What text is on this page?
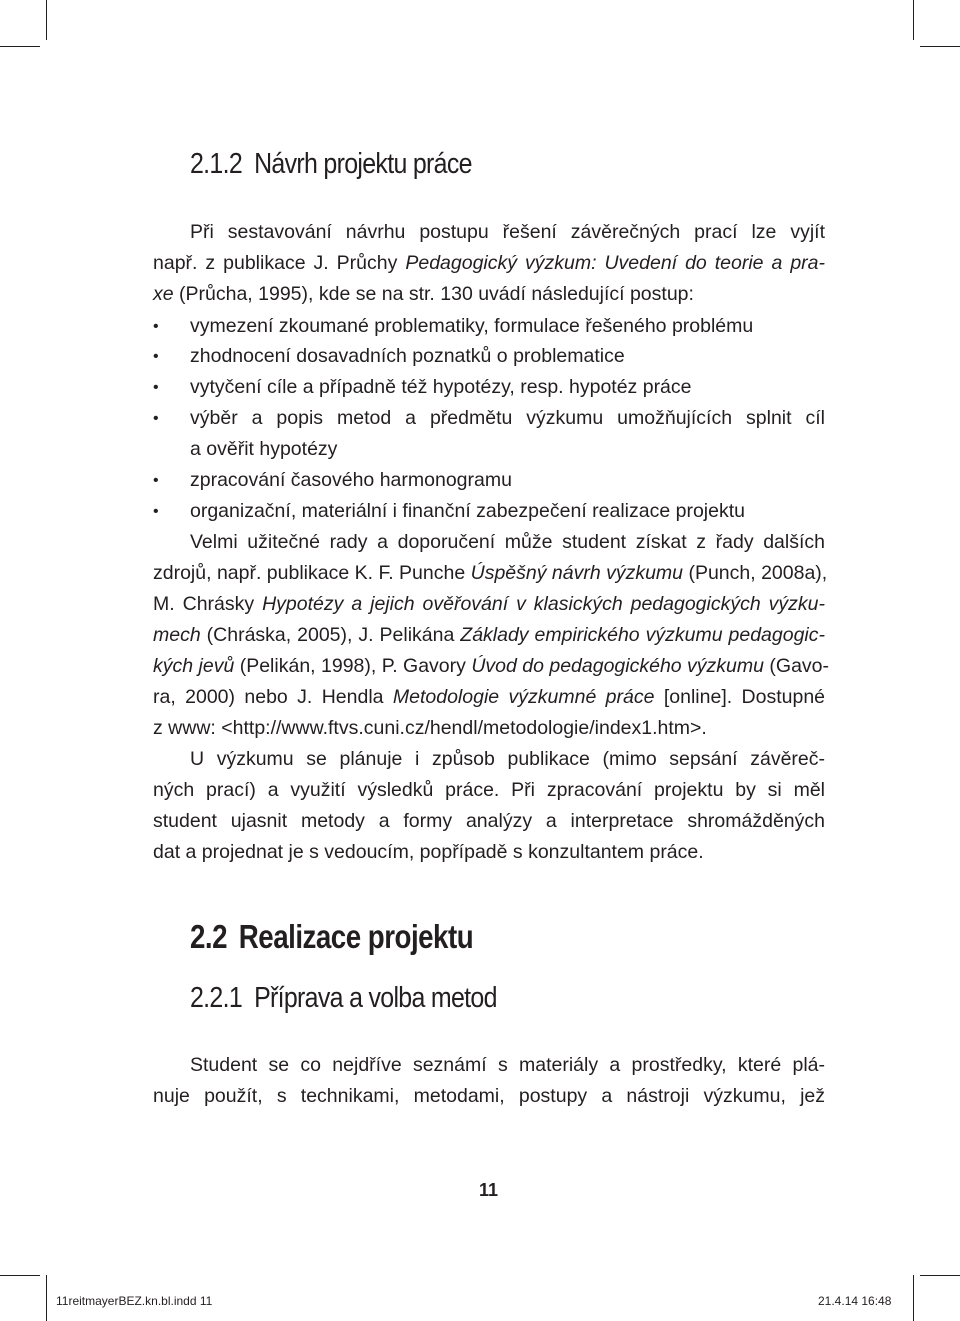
2.1.2 Návrh projektu práce

Při sestavování návrhu postupu řešení závěrečných prací lze vyjít

např. z publikace J. Průchy Pedagogický výzkum: Uvedení do teorie a pra-

xe (Průcha, 1995), kde se na str. 130 uvádí následující postup:

• vymezení zkoumané problematiky, formulace řešeného problému

• zhodnocení dosavadních poznatků o problematice

• vytyčení cíle a případně též hypotézy, resp. hypotéz práce

• výběr a popis metod a předmětu výzkumu umožňujících splnit cíl

a ověřit hypotézy

• zpracování časového harmonogramu

• organizační, materiální i finanční zabezpečení realizace projektu

Velmi užitečné rady a doporučení může student získat z řady dalších

zdrojů, např. publikace K. F. Punche Úspěšný návrh výzkumu (Punch, 2008a),

M. Chrásky Hypotézy a jejich ověřování v klasických pedagogických výzku-

mech (Chráska, 2005), J. Pelikána Základy empirického výzkumu pedagogic-

kých jevů (Pelikán, 1998), P. Gavory Úvod do pedagogického výzkumu (Gavo-

ra, 2000) nebo J. Hendla Metodologie výzkumné práce [online]. Dostupné

z www: <http://www.ftvs.cuni.cz/hendl/metodologie/index1.htm>.

U výzkumu se plánuje i způsob publikace (mimo sepsání závěreč-

ných prací) a využití výsledků práce. Při zpracování projektu by si měl

student ujasnit metody a formy analýzy a interpretace shromážděných

dat a projednat je s vedoucím, popřípadě s konzultantem práce.

2.2 Realizace projektu
2.2.1 Příprava a volba metod

Student se co nejdříve seznámí s materiály a prostředky, které plá-

nuje použít, s technikami, metodami, postupy a nástroji výzkumu, jež

11

11reitmayerBEZ.kn.bl.indd 11	21.4.14 16:48
